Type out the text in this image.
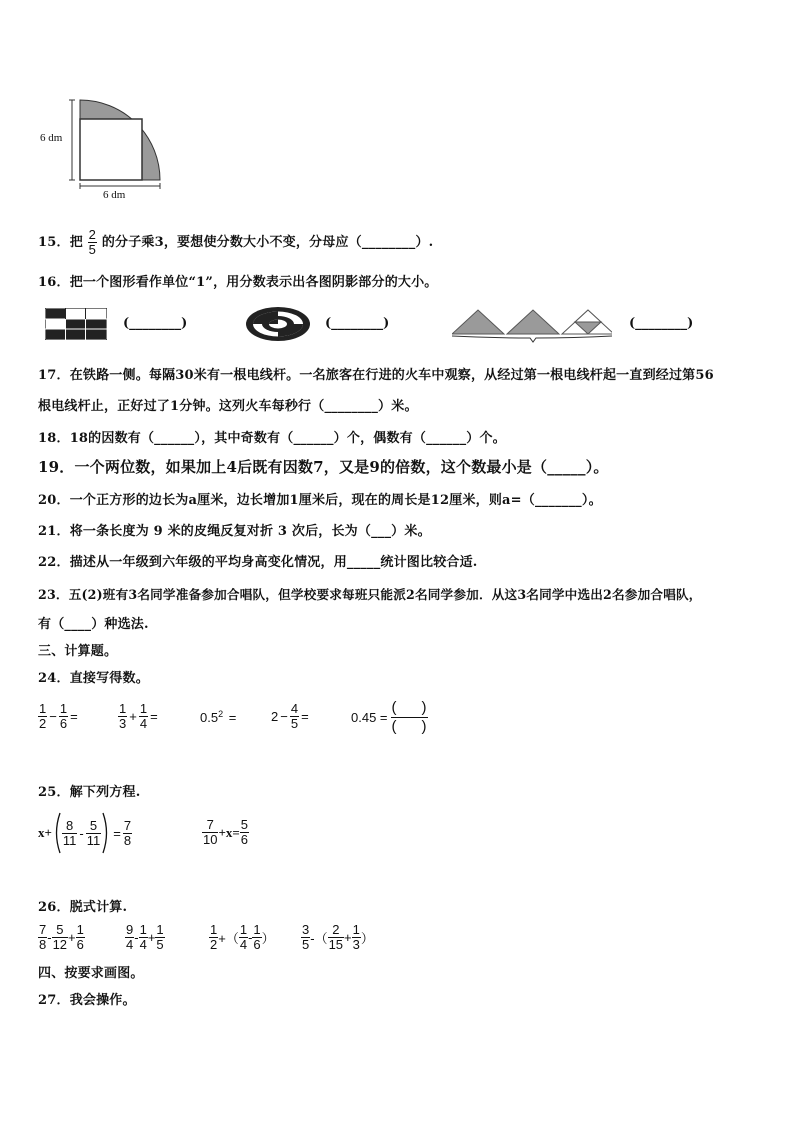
6 dm
6 dm
15．把 $\frac{2}{5}$ 的分子乘3，要想使分数大小不变，分母应（________）.
16．把一个图形看作单位“1”，用分数表示出各图阴影部分的大小。
(________)	(________)	(________)
17．在铁路一侧。每隔30米有一根电线杆。一名旅客在行进的火车中观察，从经过第一根电线杆起一直到经过第56
根电线杆止，正好过了1分钟。这列火车每秒行（________）米。
18．18的因数有（______），其中奇数有（______）个，偶数有（______）个。
19．一个两位数，如果加上4后既有因数7，又是9的倍数，这个数最小是（_____）。
20．一个正方形的边长为a厘米，边长增加1厘米后，现在的周长是12厘米，则a=（_______）。
21．将一条长度为 9 米的皮绳反复对折 3 次后，长为（___）米。
22．描述从一年级到六年级的平均身高变化情况，用_____统计图比较合适.
23．五(2)班有3名同学准备参加合唱队，但学校要求每班只能派2名同学参加．从这3名同学中选出2名参加合唱队，
有（____）种选法.
三、计算题。
24．直接写得数。
$\frac{1}{2} - \frac{1}{6}$ =	$\frac{1}{3} + \frac{1}{4}$ =	$0.5^2$ =	$2 - \frac{4}{5}$ =	$0.45 = \frac{( )}{( )}$
25．解下列方程.
$x+ \frac{8}{11} - \frac{5}{11} = \frac{7}{8}$	$\frac{7}{10} +x= \frac{5}{6}$
26．脱式计算.
$\frac{7}{8} - \frac{5}{12} + \frac{1}{6}$	$\frac{9}{4} - \frac{1}{4} + \frac{1}{5}$	$\frac{1}{2}$ +（ $\frac{1}{4} - \frac{1}{6}$ ） $\frac{3}{5}$ -（ $\frac{2}{15} + \frac{1}{3}$ ）
四、按要求画图。
27．我会操作。
